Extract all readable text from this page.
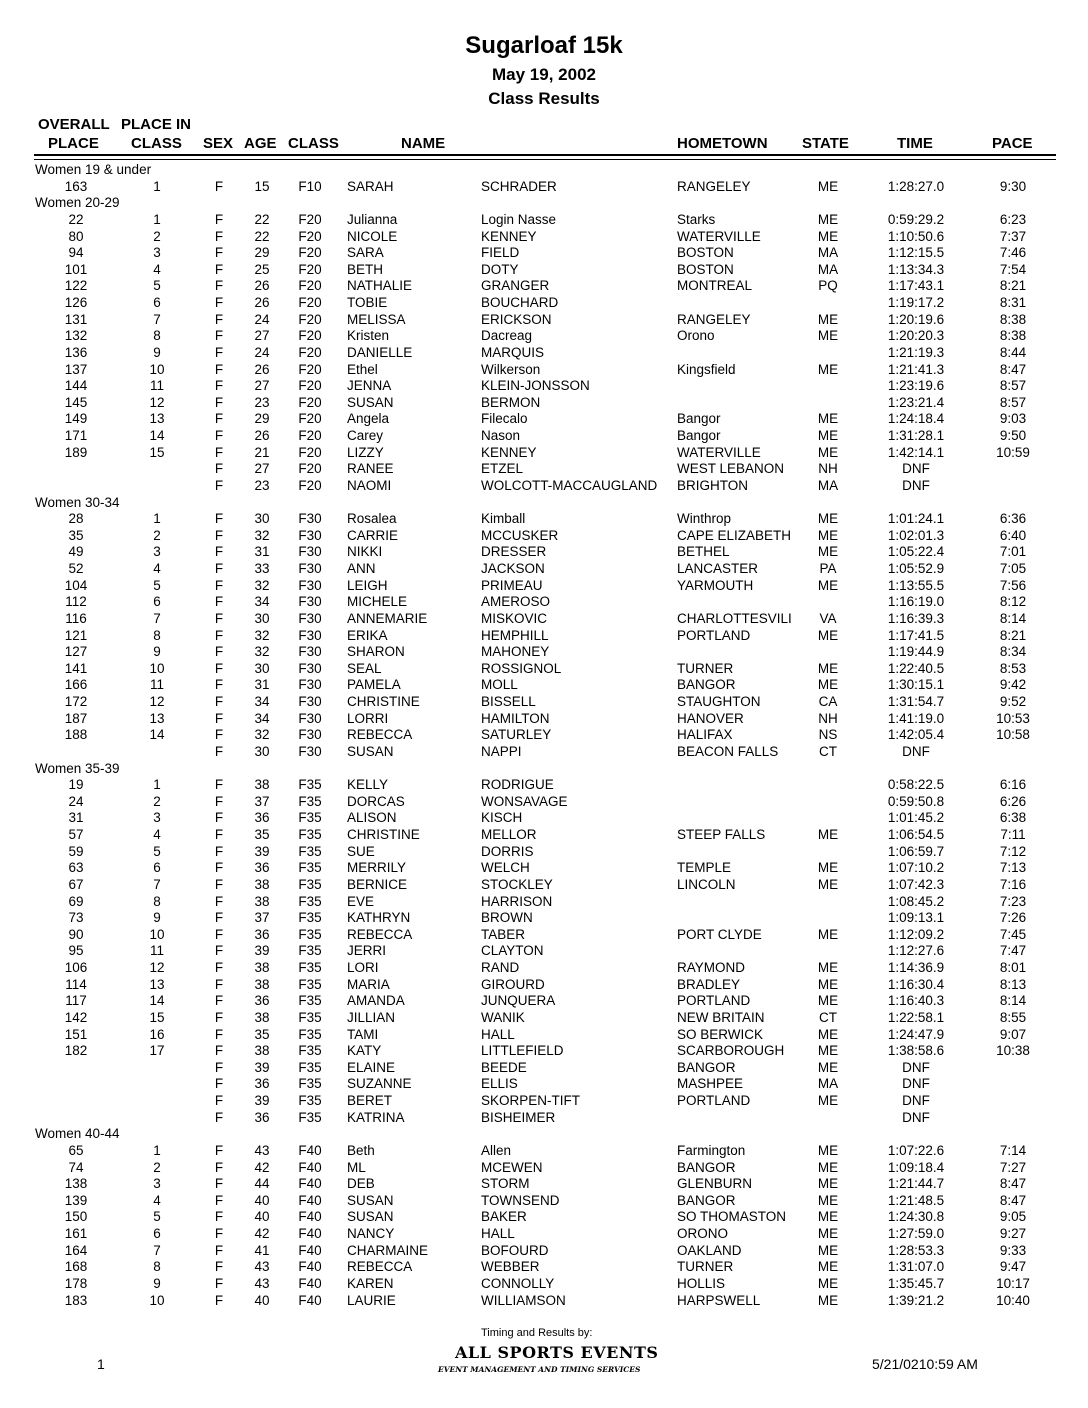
Sugarloaf 15k
May 19, 2002
Class Results
OVERALL PLACE IN
PLACE CLASS SEX AGE CLASS	NAME	HOMETOWN STATE	TIME	PACE
Women 19 & under
163	1	F 15 F10 SARAH	SCHRADER	RANGELEY	ME	1:28:27.0	9:30
Women 20-29
22	1	F 22 F20 Julianna	Login Nasse	Starks	ME	0:59:29.2	6:23
80	2	F 22 F20 NICOLE	KENNEY	WATERVILLE	ME	1:10:50.6	7:37
94	3	F 29 F20 SARA	FIELD	BOSTON	MA	1:12:15.5	7:46
101	4	F 25 F20 BETH	DOTY	BOSTON	MA	1:13:34.3	7:54
122	5	F 26 F20 NATHALIE	GRANGER	MONTREAL	PQ	1:17:43.1	8:21
126	6	F 26 F20 TOBIE	BOUCHARD	1:19:17.2	8:31
131	7	F 24 F20 MELISSA	ERICKSON	RANGELEY	ME	1:20:19.6	8:38
132	8	F 27 F20 Kristen	Dacreag	Orono	ME	1:20:20.3	8:38
136	9	F 24 F20 DANIELLE	MARQUIS	1:21:19.3	8:44
137	10	F 26 F20 Ethel	Wilkerson	Kingsfield	ME	1:21:41.3	8:47
144	11	F 27 F20 JENNA	KLEIN-JONSSON	1:23:19.6	8:57
145	12	F 23 F20 SUSAN	BERMON	1:23:21.4	8:57
149	13	F 29 F20 Angela	Filecalo	Bangor	ME	1:24:18.4	9:03
171	14	F 26 F20 Carey	Nason	Bangor	ME	1:31:28.1	9:50
189	15	F 21 F20 LIZZY	KENNEY	WATERVILLE	ME	1:42:14.1	10:59
F 27 F20 RANEE	ETZEL	WEST LEBANON	NH	DNF
F 23 F20 NAOMI	WOLCOTT-MACCAUGLAND BRIGHTON	MA	DNF
Women 30-34
28	1	F 30 F30 Rosalea	Kimball	Winthrop	ME	1:01:24.1	6:36
35	2	F 32 F30 CARRIE	MCCUSKER	CAPE ELIZABETH ME	1:02:01.3	6:40
49	3	F 31 F30 NIKKI	DRESSER	BETHEL	ME	1:05:22.4	7:01
52	4	F 33 F30 ANN	JACKSON	LANCASTER	PA	1:05:52.9	7:05
104	5	F 32 F30 LEIGH	PRIMEAU	YARMOUTH	ME	1:13:55.5	7:56
112	6	F 34 F30 MICHELE	AMEROSO	1:16:19.0	8:12
116	7	F 30 F30 ANNEMARIE	MISKOVIC	CHARLOTTESVILI VA	1:16:39.3	8:14
121	8	F 32 F30 ERIKA	HEMPHILL	PORTLAND	ME	1:17:41.5	8:21
127	9	F 32 F30 SHARON	MAHONEY	1:19:44.9	8:34
141	10	F 30 F30 SEAL	ROSSIGNOL	TURNER	ME	1:22:40.5	8:53
166	11	F 31 F30 PAMELA	MOLL	BANGOR	ME	1:30:15.1	9:42
172	12	F 34 F30 CHRISTINE	BISSELL	STAUGHTON	CA	1:31:54.7	9:52
187	13	F 34 F30 LORRI	HAMILTON	HANOVER	NH	1:41:19.0	10:53
188	14	F 32 F30 REBECCA	SATURLEY	HALIFAX	NS	1:42:05.4	10:58
F 30 F30 SUSAN	NAPPI	BEACON FALLS	CT	DNF
Women 35-39
19	1	F 38 F35 KELLY	RODRIGUE	0:58:22.5	6:16
24	2	F 37 F35 DORCAS	WONSAVAGE	0:59:50.8	6:26
31	3	F 36 F35 ALISON	KISCH	1:01:45.2	6:38
57	4	F 35 F35 CHRISTINE	MELLOR	STEEP FALLS	ME	1:06:54.5	7:11
59	5	F 39 F35 SUE	DORRIS	1:06:59.7	7:12
63	6	F 36 F35 MERRILY	WELCH	TEMPLE	ME	1:07:10.2	7:13
67	7	F 38 F35 BERNICE	STOCKLEY	LINCOLN	ME	1:07:42.3	7:16
69	8	F 38 F35 EVE	HARRISON	1:08:45.2	7:23
73	9	F 37 F35 KATHRYN	BROWN	1:09:13.1	7:26
90	10	F 36 F35 REBECCA	TABER	PORT CLYDE	ME	1:12:09.2	7:45
95	11	F 39 F35 JERRI	CLAYTON	1:12:27.6	7:47
106	12	F 38 F35 LORI	RAND	RAYMOND	ME	1:14:36.9	8:01
114	13	F 38 F35 MARIA	GIROURD	BRADLEY	ME	1:16:30.4	8:13
117	14	F 36 F35 AMANDA	JUNQUERA	PORTLAND	ME	1:16:40.3	8:14
142	15	F 38 F35 JILLIAN	WANIK	NEW BRITAIN	CT	1:22:58.1	8:55
151	16	F 35 F35 TAMI	HALL	SO BERWICK	ME	1:24:47.9	9:07
182	17	F 38 F35 KATY	LITTLEFIELD	SCARBOROUGH ME	1:38:58.6	10:38
F 39 F35 ELAINE	BEEDE	BANGOR	ME	DNF
F 36 F35 SUZANNE	ELLIS	MASHPEE	MA	DNF
F 39 F35 BERET	SKORPEN-TIFT	PORTLAND	ME	DNF
F 36 F35 KATRINA	BISHEIMER	DNF
Women 40-44
65	1	F 43 F40 Beth	Allen	Farmington	ME	1:07:22.6	7:14
74	2	F 42 F40 ML	MCEWEN	BANGOR	ME	1:09:18.4	7:27
138	3	F 44 F40 DEB	STORM	GLENBURN	ME	1:21:44.7	8:47
139	4	F 40 F40 SUSAN	TOWNSEND	BANGOR	ME	1:21:48.5	8:47
150	5	F 40 F40 SUSAN	BAKER	SO THOMASTON ME	1:24:30.8	9:05
161	6	F 42 F40 NANCY	HALL	ORONO	ME	1:27:59.0	9:27
164	7	F 41 F40 CHARMAINE	BOFOURD	OAKLAND	ME	1:28:53.3	9:33
168	8	F 43 F40 REBECCA	WEBBER	TURNER	ME	1:31:07.0	9:47
178	9	F 43 F40 KAREN	CONNOLLY	HOLLIS	ME	1:35:45.7	10:17
183	10	F 40 F40 LAURIE	WILLIAMSON	HARPSWELL	ME	1:39:21.2	10:40
Timing and Results by:
ALL SPORTS EVENTS
EVENT MANAGEMENT AND TIMING SERVICES
1	5/21/0210:59 AM
